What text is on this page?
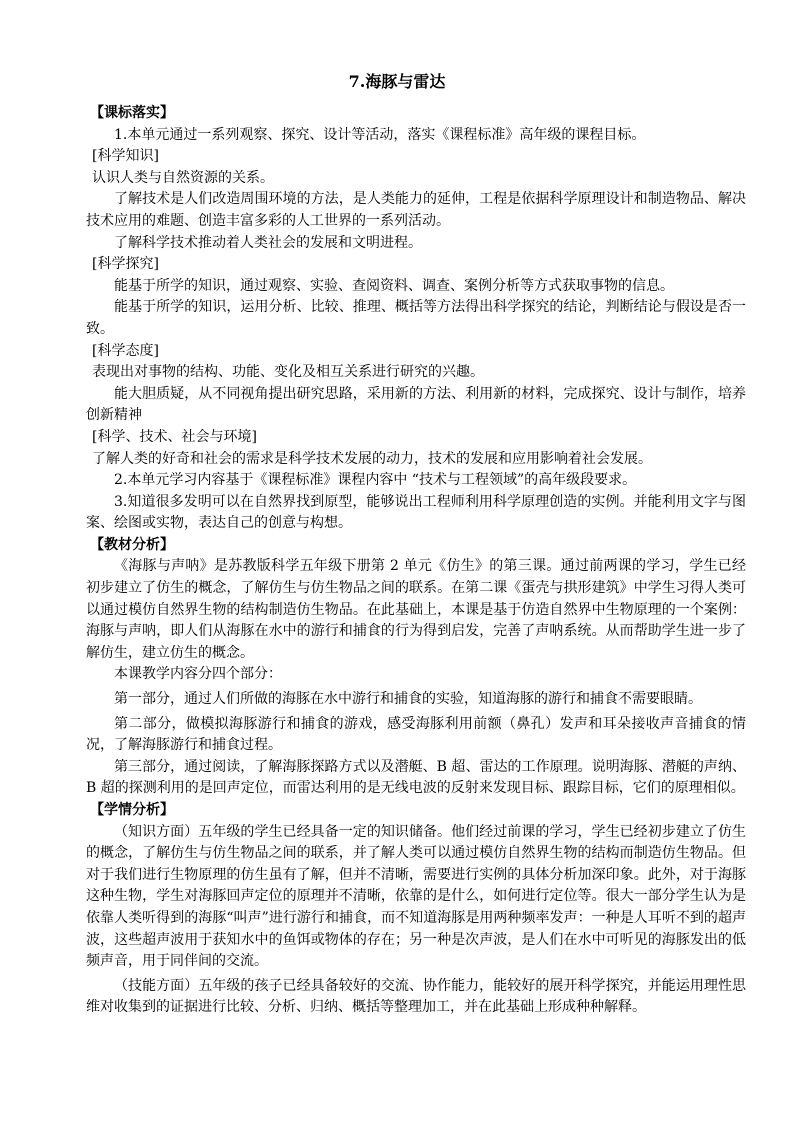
7.海豚与雷达

【课标落实】

1.本单元通过一系列观察、探究、设计等活动，落实《课程标准》高年级的课程目标。

[科学知识]

认识人类与自然资源的关系。

了解技术是人们改造周围环境的方法，是人类能力的延伸，工程是依据科学原理设计和制造物品、解决技术应用的难题、创造丰富多彩的人工世界的一系列活动。

了解科学技术推动着人类社会的发展和文明进程。

[科学探究]

能基于所学的知识，通过观察、实验、查阅资料、调查、案例分析等方式获取事物的信息。

能基于所学的知识，运用分析、比较、推理、概括等方法得出科学探究的结论，判断结论与假设是否一致。

[科学态度]

表现出对事物的结构、功能、变化及相互关系进行研究的兴趣。

能大胆质疑，从不同视角提出研究思路，采用新的方法、利用新的材料，完成探究、设计与制作，培养创新精神

[科学、技术、社会与环境]

了解人类的好奇和社会的需求是科学技术发展的动力，技术的发展和应用影响着社会发展。

2.本单元学习内容基于《课程标准》课程内容中 “技术与工程领域”的高年级段要求。

3.知道很多发明可以在自然界找到原型，能够说出工程师利用科学原理创造的实例。并能利用文字与图案、绘图或实物，表达自己的创意与构想。

【教材分析】

《海豚与声呐》是苏教版科学五年级下册第 2 单元《仿生》的第三课。通过前两课的学习，学生已经初步建立了仿生的概念，了解仿生与仿生物品之间的联系。在第二课《蛋壳与拱形建筑》中学生习得人类可以通过模仿自然界生物的结构制造仿生物品。在此基础上，本课是基于仿造自然界中生物原理的一个案例：海豚与声呐，即人们从海豚在水中的游行和捕食的行为得到启发，完善了声呐系统。从而帮助学生进一步了解仿生，建立仿生的概念。

本课教学内容分四个部分：

第一部分，通过人们所做的海豚在水中游行和捕食的实验，知道海豚的游行和捕食不需要眼睛。

第二部分，做模拟海豚游行和捕食的游戏，感受海豚利用前额（鼻孔）发声和耳朵接收声音捕食的情况，了解海豚游行和捕食过程。

第三部分，通过阅读，了解海豚探路方式以及潜艇、B 超、雷达的工作原理。说明海豚、潜艇的声纳、B 超的探测利用的是回声定位，而雷达利用的是无线电波的反射来发现目标、跟踪目标，它们的原理相似。

【学情分析】

（知识方面）五年级的学生已经具备一定的知识储备。他们经过前课的学习，学生已经初步建立了仿生的概念，了解仿生与仿生物品之间的联系，并了解人类可以通过模仿自然界生物的结构而制造仿生物品。但对于我们进行生物原理的仿生虽有了解，但并不清晰，需要进行实例的具体分析加深印象。此外，对于海豚这种生物，学生对海豚回声定位的原理并不清晰，依靠的是什么，如何进行定位等。很大一部分学生认为是依靠人类听得到的海豚“叫声”进行游行和捕食，而不知道海豚是用两种频率发声：一种是人耳听不到的超声波，这些超声波用于获知水中的鱼饵或物体的存在；另一种是次声波，是人们在水中可听见的海豚发出的低频声音，用于同伴间的交流。

（技能方面）五年级的孩子已经具备较好的交流、协作能力，能较好的展开科学探究，并能运用理性思维对收集到的证据进行比较、分析、归纳、概括等整理加工，并在此基础上形成种种解释。
